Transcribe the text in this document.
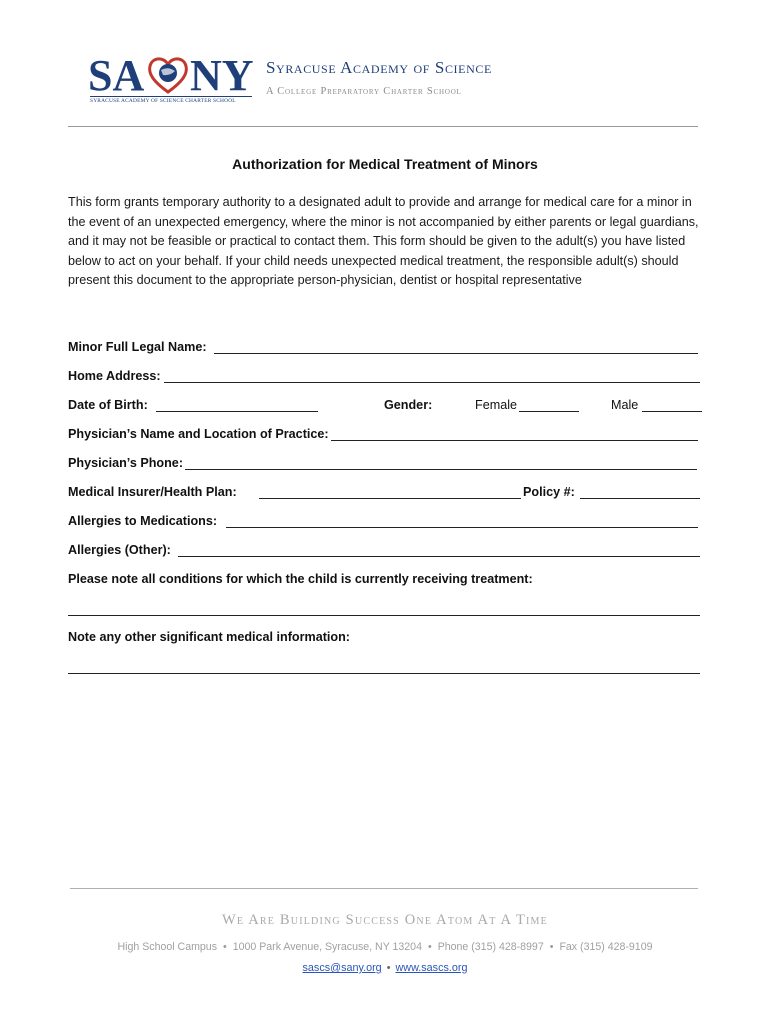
SA NY
SYRACUSE ACADEMY OF SCIENCE CHARTER SCHOOL
Syracuse Academy of Science
A College Preparatory Charter School
Authorization for Medical Treatment of Minors
This form grants temporary authority to a designated adult to provide and arrange for medical care for a minor in the event of an unexpected emergency, where the minor is not accompanied by either parents or legal guardians, and it may not be feasible or practical to contact them. This form should be given to the adult(s) you have listed below to act on your behalf. If your child needs unexpected medical treatment, the responsible adult(s) should present this document to the appropriate person-physician, dentist or hospital representative
Minor Full Legal Name:
Home Address:
Date of Birth:	Gender:	Female	Male
Physician’s Name and Location of Practice:
Physician’s Phone:
Medical Insurer/Health Plan:	Policy #:
Allergies to Medications:
Allergies (Other):
Please note all conditions for which the child is currently receiving treatment:
Note any other significant medical information:
We Are Building Success One Atom At A Time
High School Campus • 1000 Park Avenue, Syracuse, NY 13204 • Phone (315) 428-8997 • Fax (315) 428-9109
sascs@sany.org • www.sascs.org
